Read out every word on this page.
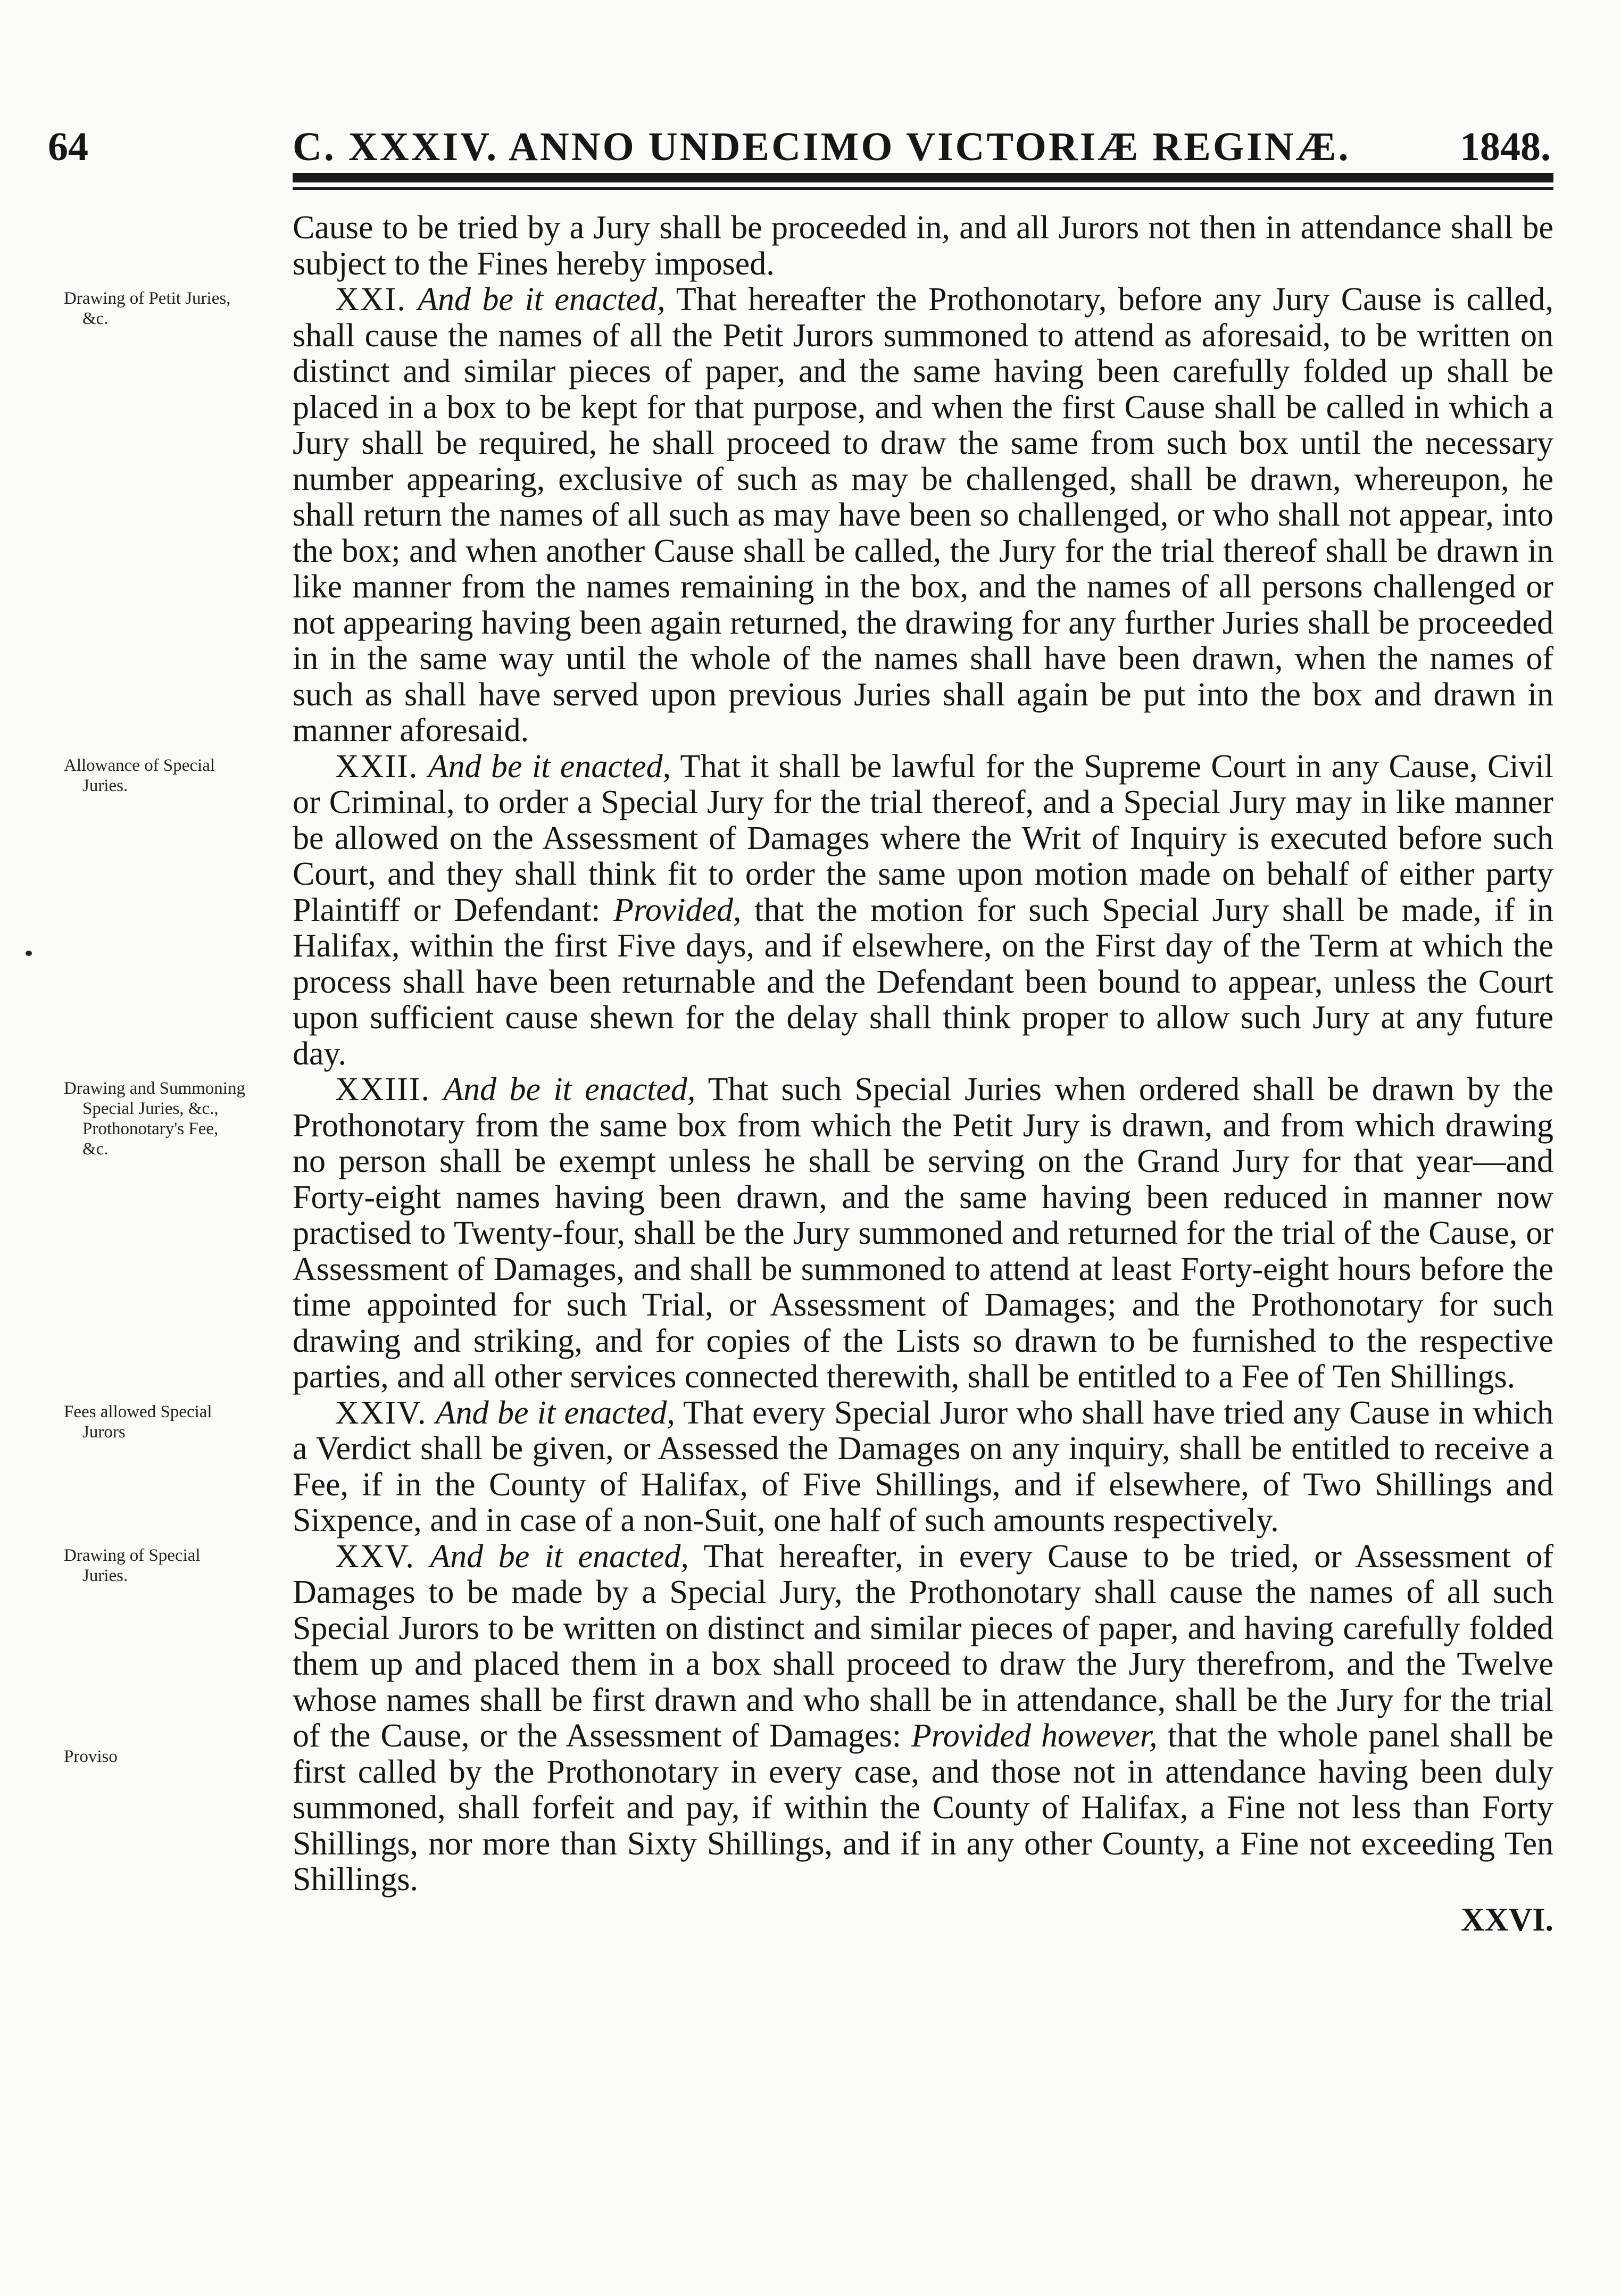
64	C. XXXIV. ANNO UNDECIMO VICTORIÆ REGINÆ.	1848.

Cause to be tried by a Jury shall be proceeded in, and all Jurors not then in attendance shall be subject to the Fines hereby imposed.

Drawing of Petit Juries, &c.

XXI. And be it enacted, That hereafter the Prothonotary, before any Jury Cause is called, shall cause the names of all the Petit Jurors summoned to attend as aforesaid, to be written on distinct and similar pieces of paper, and the same having been carefully folded up shall be placed in a box to be kept for that purpose, and when the first Cause shall be called in which a Jury shall be required, he shall proceed to draw the same from such box until the necessary number appearing, exclusive of such as may be challenged, shall be drawn, whereupon, he shall return the names of all such as may have been so challenged, or who shall not appear, into the box; and when another Cause shall be called, the Jury for the trial thereof shall be drawn in like manner from the names remaining in the box, and the names of all persons challenged or not appearing having been again returned, the drawing for any further Juries shall be proceeded in in the same way until the whole of the names shall have been drawn, when the names of such as shall have served upon previous Juries shall again be put into the box and drawn in manner aforesaid.

Allowance of Special Juries.

XXII. And be it enacted, That it shall be lawful for the Supreme Court in any Cause, Civil or Criminal, to order a Special Jury for the trial thereof, and a Special Jury may in like manner be allowed on the Assessment of Damages where the Writ of Inquiry is executed before such Court, and they shall think fit to order the same upon motion made on behalf of either party Plaintiff or Defendant: Provided, that the motion for such Special Jury shall be made, if in Halifax, within the first Five days, and if elsewhere, on the First day of the Term at which the process shall have been returnable and the Defendant been bound to appear, unless the Court upon sufficient cause shewn for the delay shall think proper to allow such Jury at any future day.

Drawing and Summoning Special Juries, &c., Prothonotary's Fee, &c.

XXIII. And be it enacted, That such Special Juries when ordered shall be drawn by the Prothonotary from the same box from which the Petit Jury is drawn, and from which drawing no person shall be exempt unless he shall be serving on the Grand Jury for that year—and Forty-eight names having been drawn, and the same having been reduced in manner now practised to Twenty-four, shall be the Jury summoned and returned for the trial of the Cause, or Assessment of Damages, and shall be summoned to attend at least Forty-eight hours before the time appointed for such Trial, or Assessment of Damages; and the Prothonotary for such drawing and striking, and for copies of the Lists so drawn to be furnished to the respective parties, and all other services connected therewith, shall be entitled to a Fee of Ten Shillings.

Fees allowed Special Jurors

XXIV. And be it enacted, That every Special Juror who shall have tried any Cause in which a Verdict shall be given, or Assessed the Damages on any inquiry, shall be entitled to receive a Fee, if in the County of Halifax, of Five Shillings, and if elsewhere, of Two Shillings and Sixpence, and in case of a non-Suit, one half of such amounts respectively.

Drawing of Special Juries.
Proviso

XXV. And be it enacted, That hereafter, in every Cause to be tried, or Assessment of Damages to be made by a Special Jury, the Prothonotary shall cause the names of all such Special Jurors to be written on distinct and similar pieces of paper, and having carefully folded them up and placed them in a box shall proceed to draw the Jury therefrom, and the Twelve whose names shall be first drawn and who shall be in attendance, shall be the Jury for the trial of the Cause, or the Assessment of Damages: Provided however, that the whole panel shall be first called by the Prothonotary in every case, and those not in attendance having been duly summoned, shall forfeit and pay, if within the County of Halifax, a Fine not less than Forty Shillings, nor more than Sixty Shillings, and if in any other County, a Fine not exceeding Ten Shillings.

XXVI.
